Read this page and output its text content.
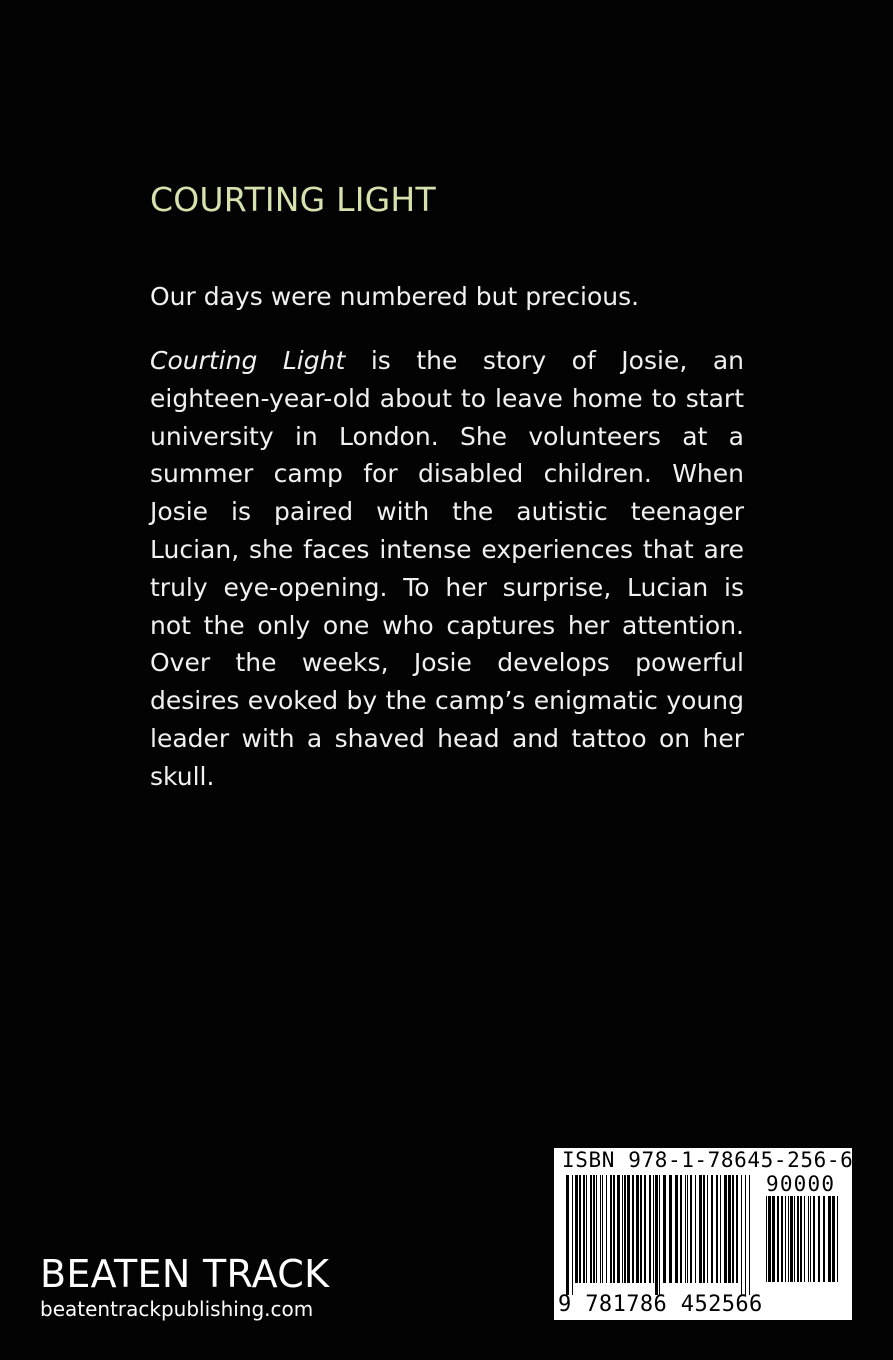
COURTING LIGHT
Our days were numbered but precious.

Courting Light is the story of Josie, an eighteen-year-old about to leave home to start university in London. She volunteers at a summer camp for disabled children. When Josie is paired with the autistic teenager Lucian, she faces intense experiences that are truly eye-opening. To her surprise, Lucian is not the only one who captures her attention. Over the weeks, Josie develops powerful desires evoked by the camp’s enigmatic young leader with a shaved head and tattoo on her skull.

BEATEN TRACK
beatentrackpublishing.com
ISBN 978-1-78645-256-6
90000
9 781786 452566
